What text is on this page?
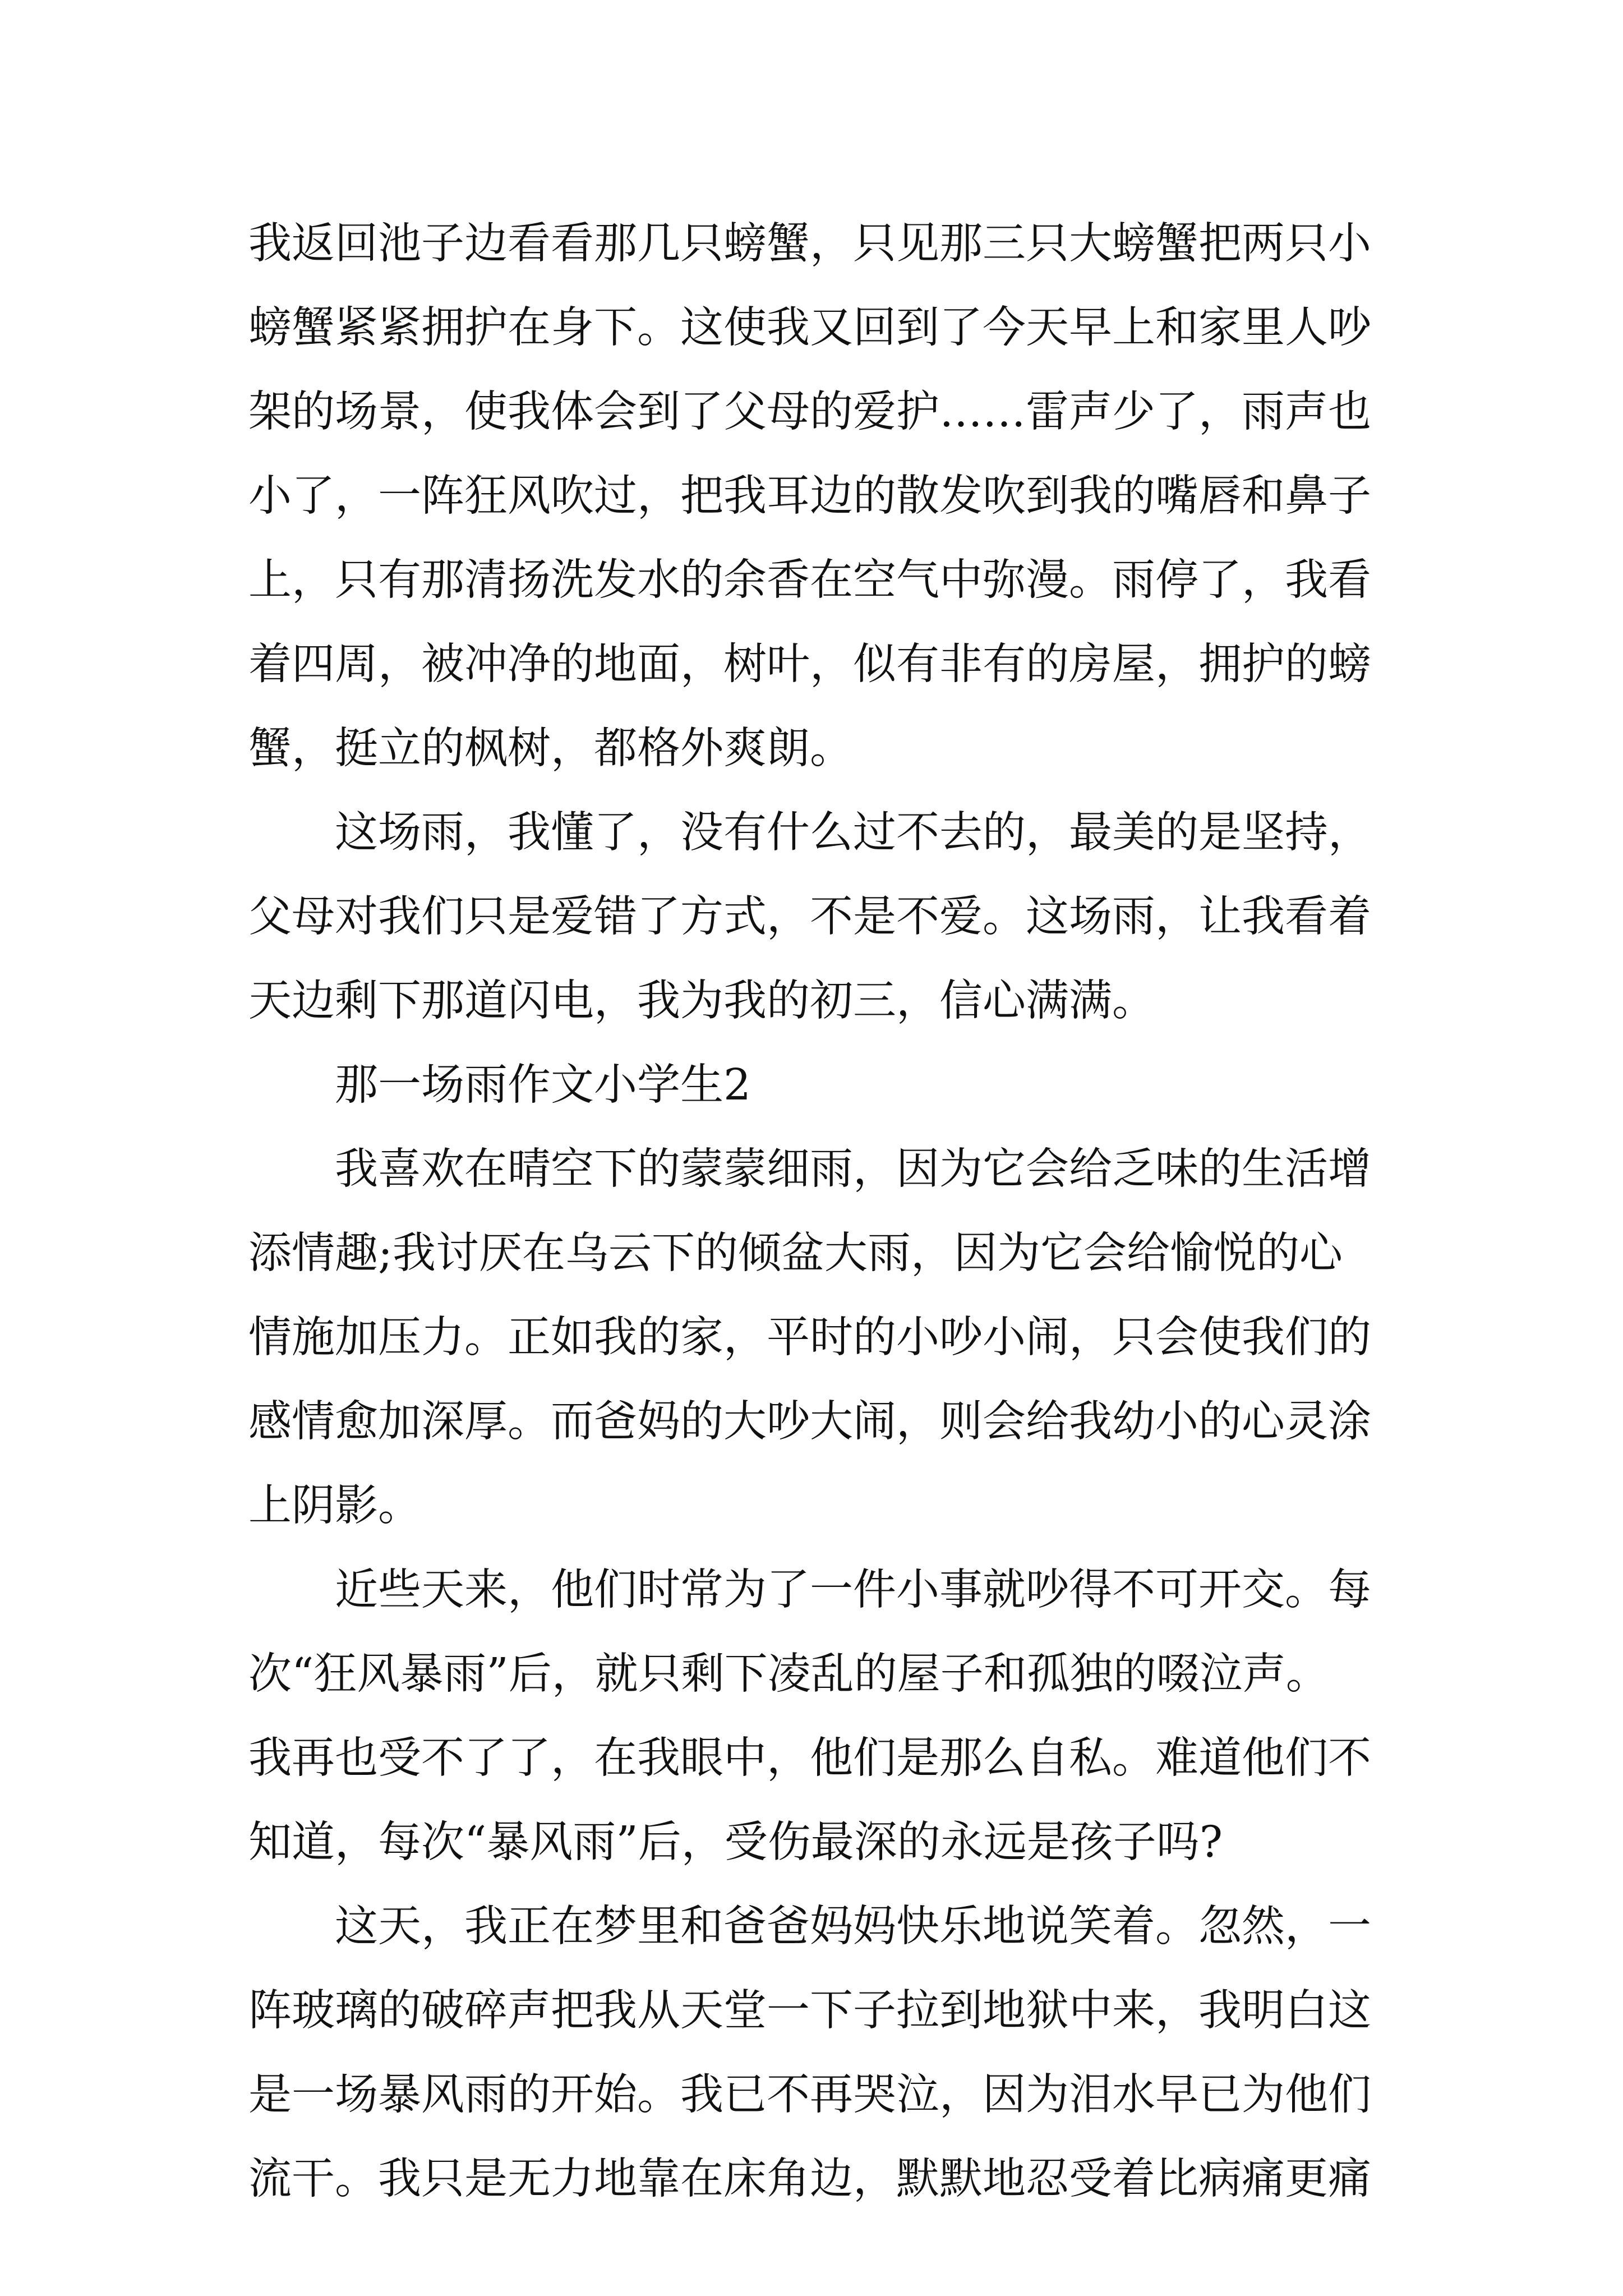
我返回池子边看看那几只螃蟹，只见那三只大螃蟹把两只小
螃蟹紧紧拥护在身下。这使我又回到了今天早上和家里人吵
架的场景，使我体会到了父母的爱护……雷声少了，雨声也
小了，一阵狂风吹过，把我耳边的散发吹到我的嘴唇和鼻子
上，只有那清扬洗发水的余香在空气中弥漫。雨停了，我看
着四周，被冲净的地面，树叶，似有非有的房屋，拥护的螃
蟹，挺立的枫树，都格外爽朗。
这场雨，我懂了，没有什么过不去的，最美的是坚持，
父母对我们只是爱错了方式，不是不爱。这场雨，让我看着
天边剩下那道闪电，我为我的初三，信心满满。
那一场雨作文小学生2
我喜欢在晴空下的蒙蒙细雨，因为它会给乏味的生活增
添情趣;我讨厌在乌云下的倾盆大雨，因为它会给愉悦的心
情施加压力。正如我的家，平时的小吵小闹，只会使我们的
感情愈加深厚。而爸妈的大吵大闹，则会给我幼小的心灵涂
上阴影。
近些天来，他们时常为了一件小事就吵得不可开交。每
次“狂风暴雨”后，就只剩下凌乱的屋子和孤独的啜泣声。
我再也受不了了，在我眼中，他们是那么自私。难道他们不
知道，每次“暴风雨”后，受伤最深的永远是孩子吗?
这天，我正在梦里和爸爸妈妈快乐地说笑着。忽然，一
阵玻璃的破碎声把我从天堂一下子拉到地狱中来，我明白这
是一场暴风雨的开始。我已不再哭泣，因为泪水早已为他们
流干。我只是无力地靠在床角边，默默地忍受着比病痛更痛
